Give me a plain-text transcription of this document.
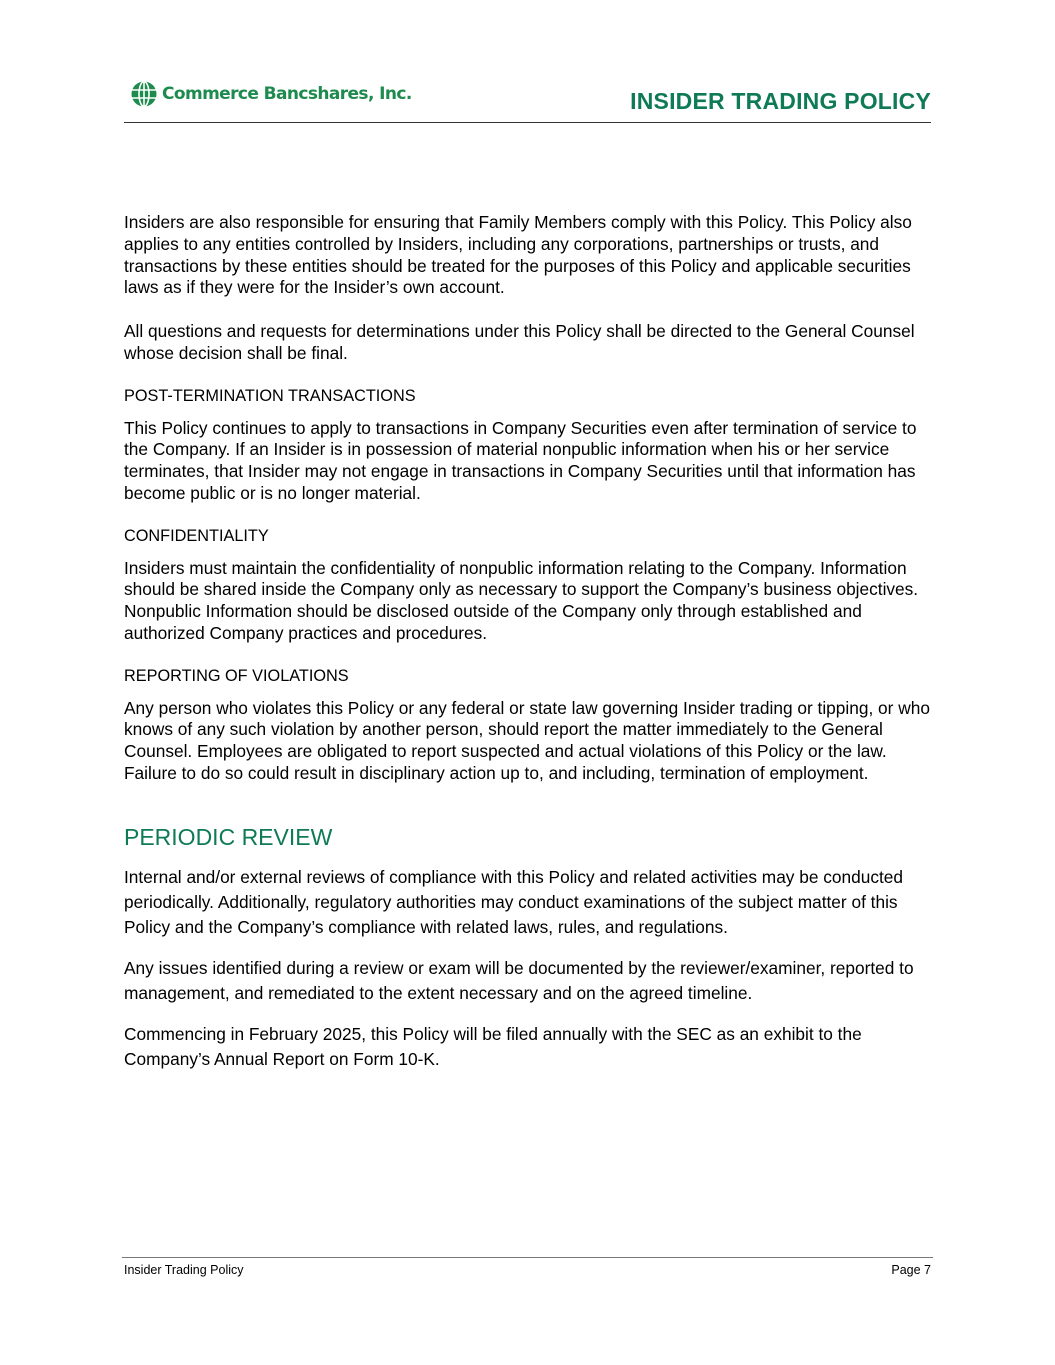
Commerce Bancshares, Inc.	INSIDER TRADING POLICY

Insiders are also responsible for ensuring that Family Members comply with this Policy. This Policy also applies to any entities controlled by Insiders, including any corporations, partnerships or trusts, and transactions by these entities should be treated for the purposes of this Policy and applicable securities laws as if they were for the Insider’s own account.

All questions and requests for determinations under this Policy shall be directed to the General Counsel whose decision shall be final.

POST-TERMINATION TRANSACTIONS

This Policy continues to apply to transactions in Company Securities even after termination of service to the Company. If an Insider is in possession of material nonpublic information when his or her service terminates, that Insider may not engage in transactions in Company Securities until that information has become public or is no longer material.

CONFIDENTIALITY

Insiders must maintain the confidentiality of nonpublic information relating to the Company. Information should be shared inside the Company only as necessary to support the Company’s business objectives. Nonpublic Information should be disclosed outside of the Company only through established and authorized Company practices and procedures.

REPORTING OF VIOLATIONS

Any person who violates this Policy or any federal or state law governing Insider trading or tipping, or who knows of any such violation by another person, should report the matter immediately to the General Counsel. Employees are obligated to report suspected and actual violations of this Policy or the law. Failure to do so could result in disciplinary action up to, and including, termination of employment.

PERIODIC REVIEW

Internal and/or external reviews of compliance with this Policy and related activities may be conducted periodically. Additionally, regulatory authorities may conduct examinations of the subject matter of this Policy and the Company’s compliance with related laws, rules, and regulations.

Any issues identified during a review or exam will be documented by the reviewer/examiner, reported to management, and remediated to the extent necessary and on the agreed timeline.

Commencing in February 2025, this Policy will be filed annually with the SEC as an exhibit to the Company’s Annual Report on Form 10-K.

Insider Trading Policy	Page 7
